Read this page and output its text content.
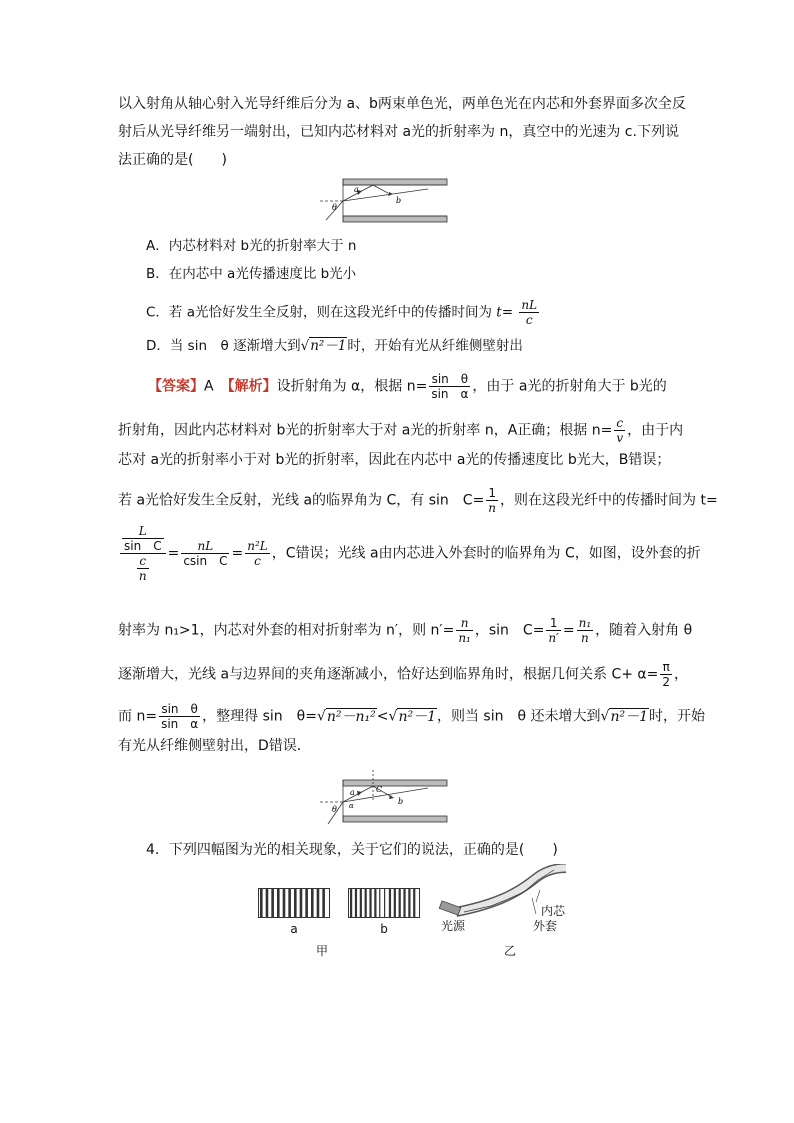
以入射角从轴心射入光导纤维后分为 a、b两束单色光，两单色光在内芯和外套界面多次全反
射后从光导纤维另一端射出，已知内芯材料对 a光的折射率为 n，真空中的光速为 c.下列说
法正确的是(　　)
a
b
θ
A．内芯材料对 b光的折射率大于 n
B．在内芯中 a光传播速度比 b光小
C．若 a光恰好发生全反射，则在这段光纤中的传播时间为 $t= \frac{nL}{c}$
D．当 sin　θ 逐渐增大到√n²－1时，开始有光从纤维侧壁射出
【答案】A　 【解析】设折射角为 α，根据 $n= \frac{\text{sin　θ}}{\text{sin　α}}$ ，由于 a光的折射角大于 b光的
折射角，因此内芯材料对 b光的折射率大于对 a光的折射率 n，A正确；根据 $n= \frac{c}{v}$ ，由于内
芯对 a光的折射率小于对 b光的折射率，因此在内芯中 a光的传播速度比 b光大，B错误；
若 a光恰好发生全反射，光线 a的临界角为 C，有 sin　$C= \frac{1}{n}$ ，则在这段光纤中的传播时间为 t=
$\frac{\frac{L}{\text{sin　C}}}{\frac{c}{n}} = \frac{nL}{\text{csin　C}} = \frac{\text{n²L}}{c}$ ，C错误；光线 a由内芯进入外套时的临界角为 C，如图，设外套的折
射率为 n₁>1，内芯对外套的相对折射率为 n′，则 $n'= \frac{n}{\text{n₁}}$ ，sin　$C= \frac{1}{n'} = \frac{\text{n₁}}{n}$ ，随着入射角 θ
逐渐增大，光线 a与边界间的夹角逐渐减小，恰好达到临界角时，根据几何关系 $C+ \alpha= \frac{\pi}{2}$ ，
而 $n= \frac{\text{sin　θ}}{\text{sin　α}}$ ，整理得 sin　θ=√n²－n₁²<√n²－1，则当 sin　θ 还未增大到√n²－1时，开始
有光从纤维侧壁射出，D错误．
a	C
b
α
θ
4．下列四幅图为光的相关现象，关于它们的说法，正确的是(　　)
a	b
甲
光源
内芯
外套
乙
